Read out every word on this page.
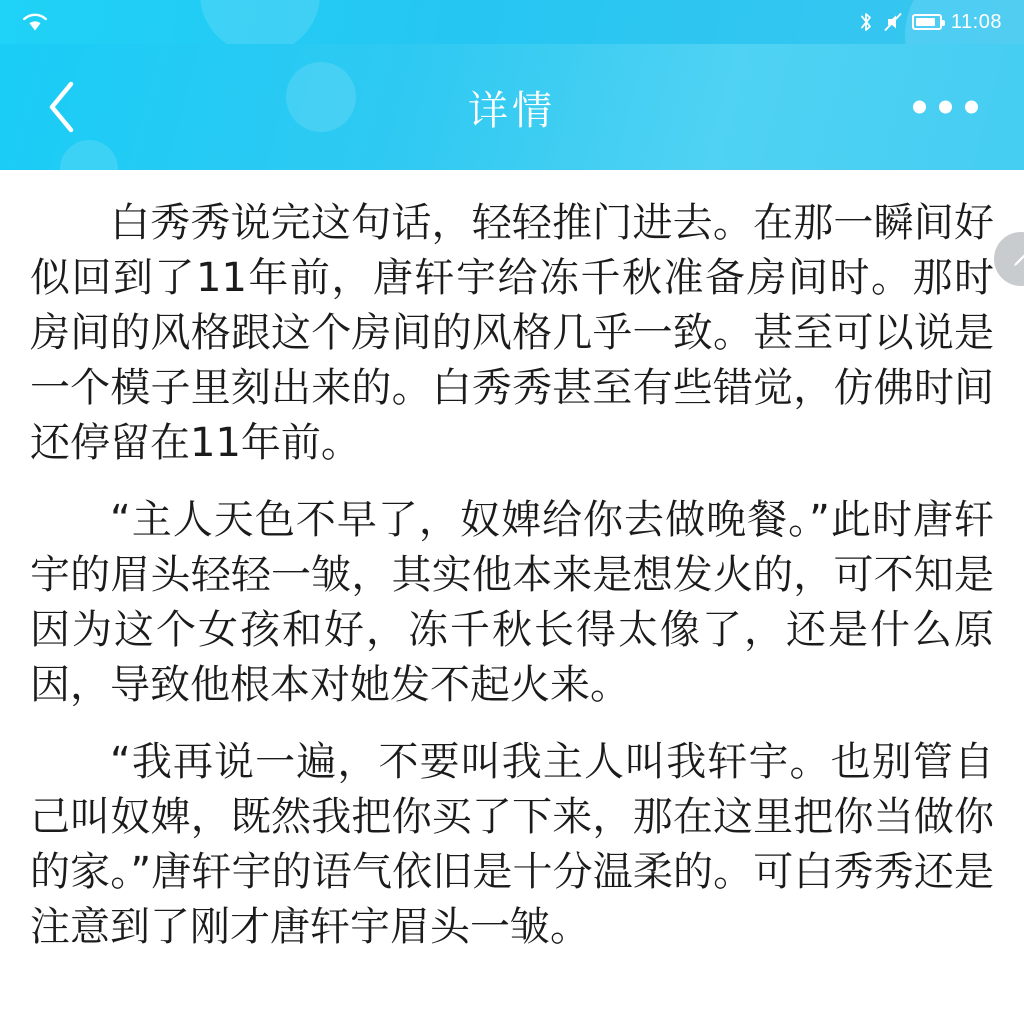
11:08
详情

白秀秀说完这句话，轻轻推门进去。在那一瞬间好似回到了11年前，唐轩宇给冻千秋准备房间时。那时房间的风格跟这个房间的风格几乎一致。甚至可以说是一个模子里刻出来的。白秀秀甚至有些错觉，仿佛时间还停留在11年前。

“主人天色不早了，奴婢给你去做晚餐。”此时唐轩宇的眉头轻轻一皱，其实他本来是想发火的，可不知是因为这个女孩和好，冻千秋长得太像了，还是什么原因，导致他根本对她发不起火来。

“我再说一遍，不要叫我主人叫我轩宇。也别管自己叫奴婢，既然我把你买了下来，那在这里把你当做你的家。”唐轩宇的语气依旧是十分温柔的。可白秀秀还是注意到了刚才唐轩宇眉头一皱。
